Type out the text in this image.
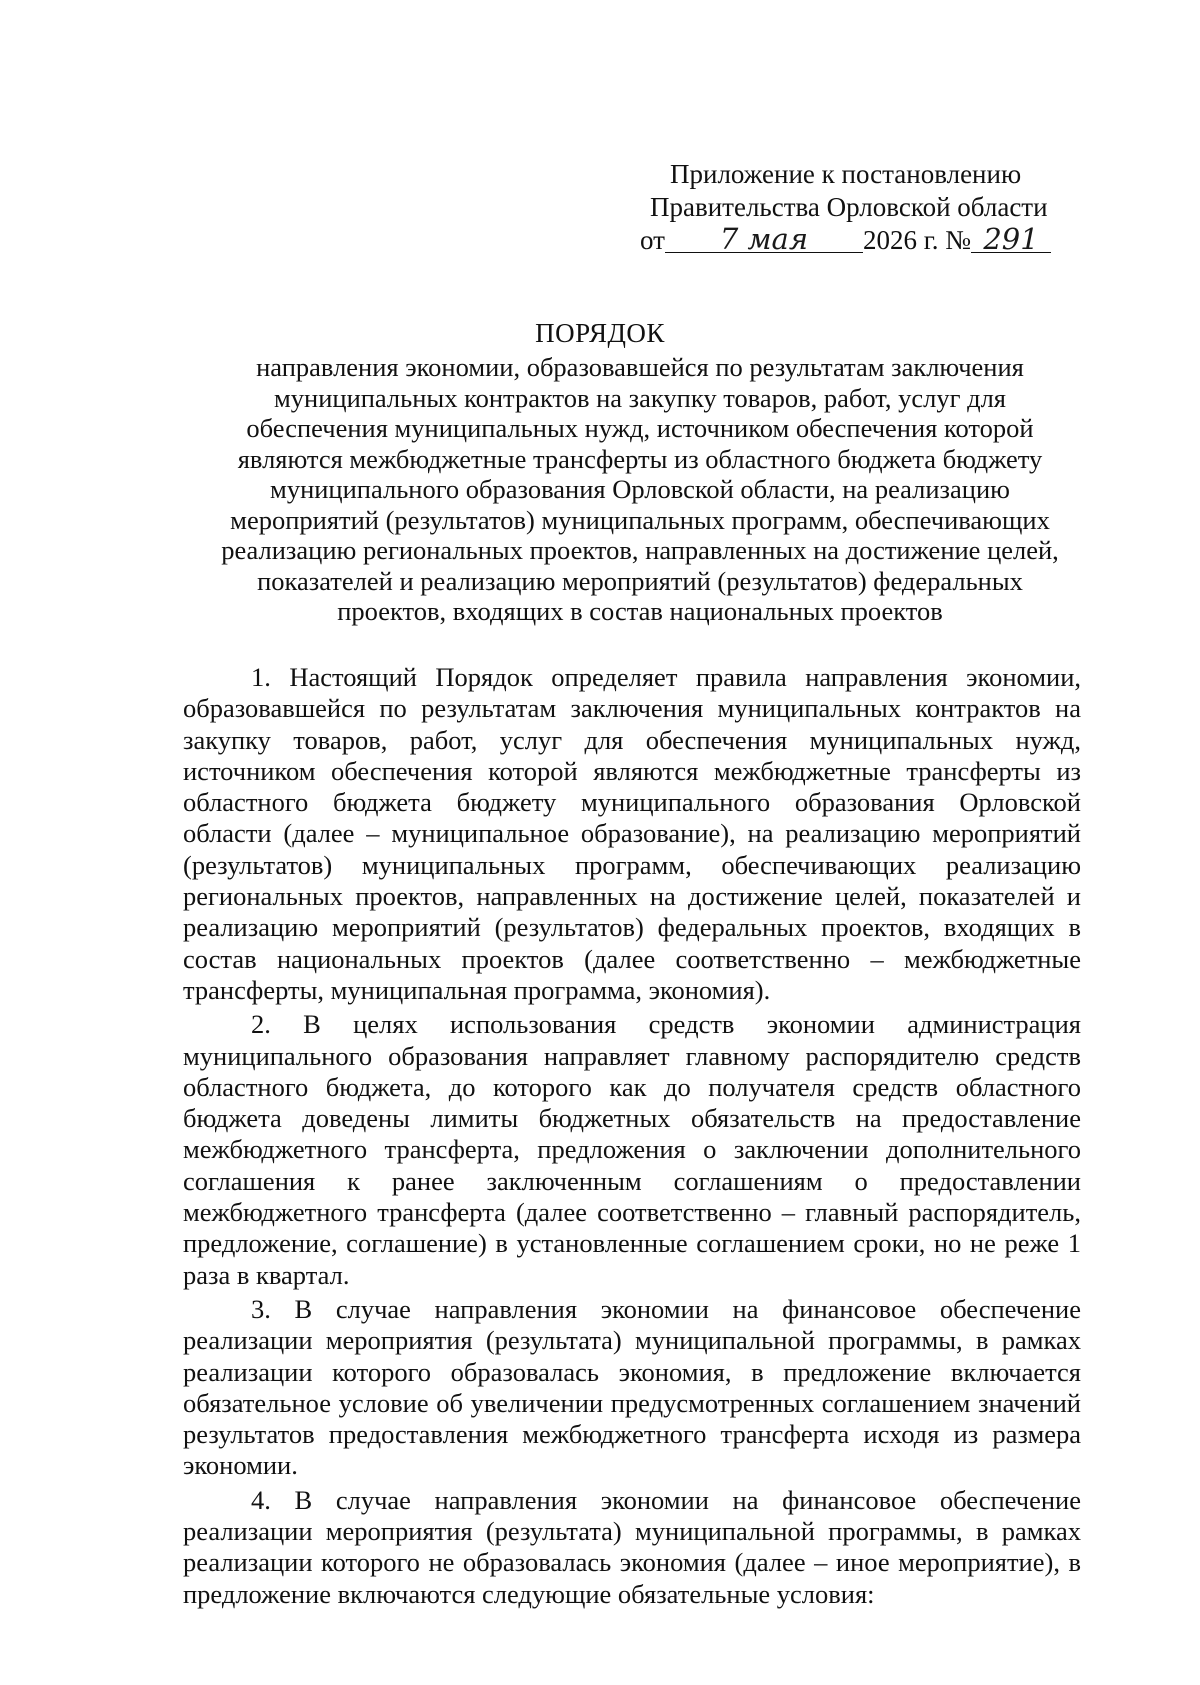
Приложение к постановлению
Правительства Орловской области
от 7 мая 2026 г. № 291
ПОРЯДОК
направления экономии, образовавшейся по результатам заключения
муниципальных контрактов на закупку товаров, работ, услуг для
обеспечения муниципальных нужд, источником обеспечения которой
являются межбюджетные трансферты из областного бюджета бюджету
муниципального образования Орловской области, на реализацию
мероприятий (результатов) муниципальных программ, обеспечивающих
реализацию региональных проектов, направленных на достижение целей,
показателей и реализацию мероприятий (результатов) федеральных
проектов, входящих в состав национальных проектов
1. Настоящий Порядок определяет правила направления экономии, образовавшейся по результатам заключения муниципальных контрактов на закупку товаров, работ, услуг для обеспечения муниципальных нужд, источником обеспечения которой являются межбюджетные трансферты из областного бюджета бюджету муниципального образования Орловской области (далее – муниципальное образование), на реализацию мероприятий (результатов) муниципальных программ, обеспечивающих реализацию региональных проектов, направленных на достижение целей, показателей и реализацию мероприятий (результатов) федеральных проектов, входящих в состав национальных проектов (далее соответственно – межбюджетные трансферты, муниципальная программа, экономия).
2. В целях использования средств экономии администрация муниципального образования направляет главному распорядителю средств областного бюджета, до которого как до получателя средств областного бюджета доведены лимиты бюджетных обязательств на предоставление межбюджетного трансферта, предложения о заключении дополнительного соглашения к ранее заключенным соглашениям о предоставлении межбюджетного трансферта (далее соответственно – главный распорядитель, предложение, соглашение) в установленные соглашением сроки, но не реже 1 раза в квартал.
3. В случае направления экономии на финансовое обеспечение реализации мероприятия (результата) муниципальной программы, в рамках реализации которого образовалась экономия, в предложение включается обязательное условие об увеличении предусмотренных соглашением значений результатов предоставления межбюджетного трансферта исходя из размера экономии.
4. В случае направления экономии на финансовое обеспечение реализации мероприятия (результата) муниципальной программы, в рамках реализации которого не образовалась экономия (далее – иное мероприятие), в предложение включаются следующие обязательные условия:
